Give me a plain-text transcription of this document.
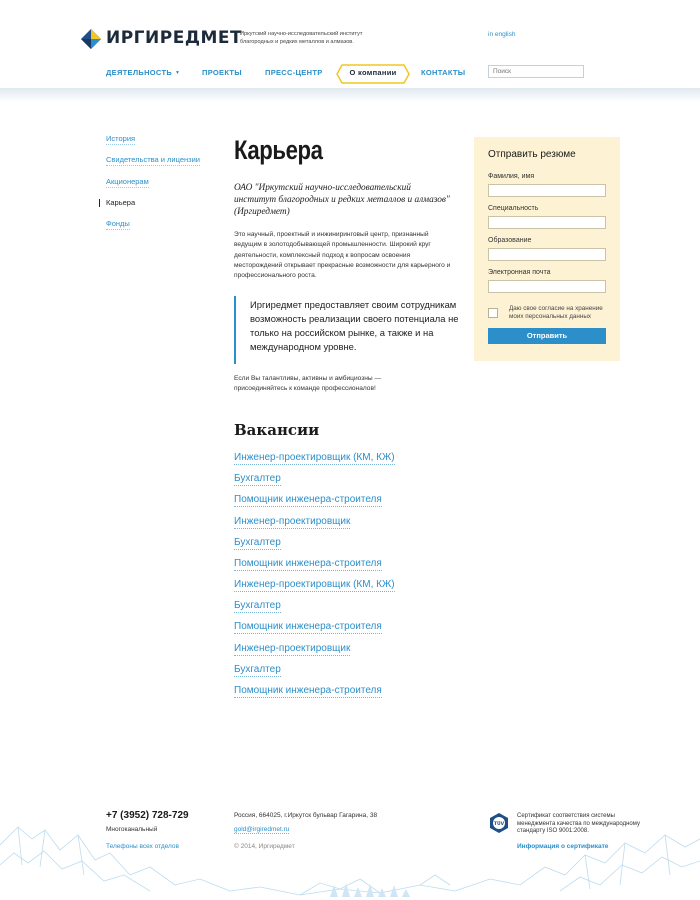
ИРГИРЕДМЕТ
Иркутский научно-исследовательский институт благородных и редких металлов и алмазов.
in english
ДЕЯТЕЛЬНОСТЬ ▼	ПРОЕКТЫ	ПРЕСС-ЦЕНТР	О компании	КОНТАКТЫ
Поиск
История
Свидетельства и лицензии
Акционерам
Карьера
Фонды
Карьера
ОАО "Иркутский научно-исследовательский институт благородных и редких металлов и алмазов" (Иргиредмет)

Это научный, проектный и инжиниринговый центр, признанный ведущим в золотодобывающей промышленности. Широкий круг деятельности, комплексный подход к вопросам освоения месторождений открывает прекрасные возможности для карьерного и профессионального роста.

Иргиредмет предоставляет своим сотрудникам возможность реализации своего потенциала не только на российском рынке, а также и на международном уровне.

Если Вы талантливы, активны и амбициозны — присоединяйтесь к команде профессионалов!

Вакансии
Инженер-проектировщик (КМ, КЖ)
Бухгалтер
Помощник инженера-строителя
Инженер-проектировщик
Бухгалтер
Помощник инженера-строителя
Инженер-проектировщик (КМ, КЖ)
Бухгалтер
Помощник инженера-строителя
Инженер-проектировщик
Бухгалтер
Помощник инженера-строителя
Отправить резюме
Фамилия, имя
Специальность
Образование
Электронная почта
Даю свое согласие на хранение моих персональных данных
Отправить
+7 (3952) 728-729
Многоканальный
Телефоны всех отделов
Россия, 664025, г.Иркутск бульвар Гагарина, 38
gold@irgiredmet.ru
© 2014, Иргиредмет
TÜV
Сертификат соответствия системы менеджмента качества по международному стандарту ISO 9001:2008.
Информация о сертификате
